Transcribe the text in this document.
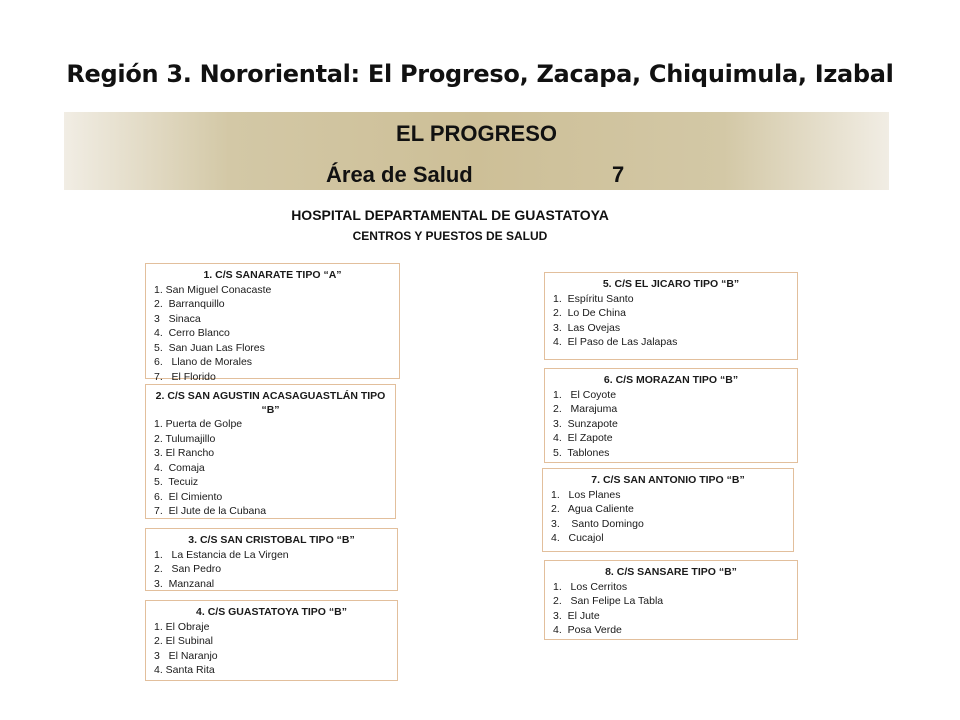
Región 3. Nororiental: El Progreso, Zacapa, Chiquimula, Izabal
EL PROGRESO
Área de Salud	7
HOSPITAL DEPARTAMENTAL DE GUASTATOYA
CENTROS Y PUESTOS DE SALUD
1. C/S SANARATE TIPO “A”
1. San Miguel Conacaste
2.  Barranquillo
3   Sinaca
4.  Cerro Blanco
5.  San Juan Las Flores
6.   Llano de Morales
7.   El Florido
2. C/S SAN AGUSTIN ACASAGUASTLÁN TIPO “B”
1. Puerta de Golpe
2. Tulumajillo
3. El Rancho
4.  Comaja
5.  Tecuiz
6.  El Cimiento
7.  El Jute de la Cubana
3. C/S SAN CRISTOBAL TIPO “B”
1.   La Estancia de La Virgen
2.   San Pedro
3.  Manzanal
4. C/S GUASTATOYA TIPO “B”
1. El Obraje
2. El Subinal
3   El Naranjo
4. Santa Rita
5. C/S EL JICARO TIPO “B”
1.  Espíritu Santo
2.  Lo De China
3.  Las Ovejas
4.  El Paso de Las Jalapas
6. C/S MORAZAN TIPO “B”
1.   El Coyote
2.   Marajuma
3.  Sunzapote
4.  El Zapote
5.  Tablones
7. C/S SAN ANTONIO TIPO “B”
1.   Los Planes
2.   Agua Caliente
3.    Santo Domingo
4.   Cucajol
8. C/S SANSARE TIPO “B”
1.   Los Cerritos
2.   San Felipe La Tabla
3.  El Jute
4.  Posa Verde
